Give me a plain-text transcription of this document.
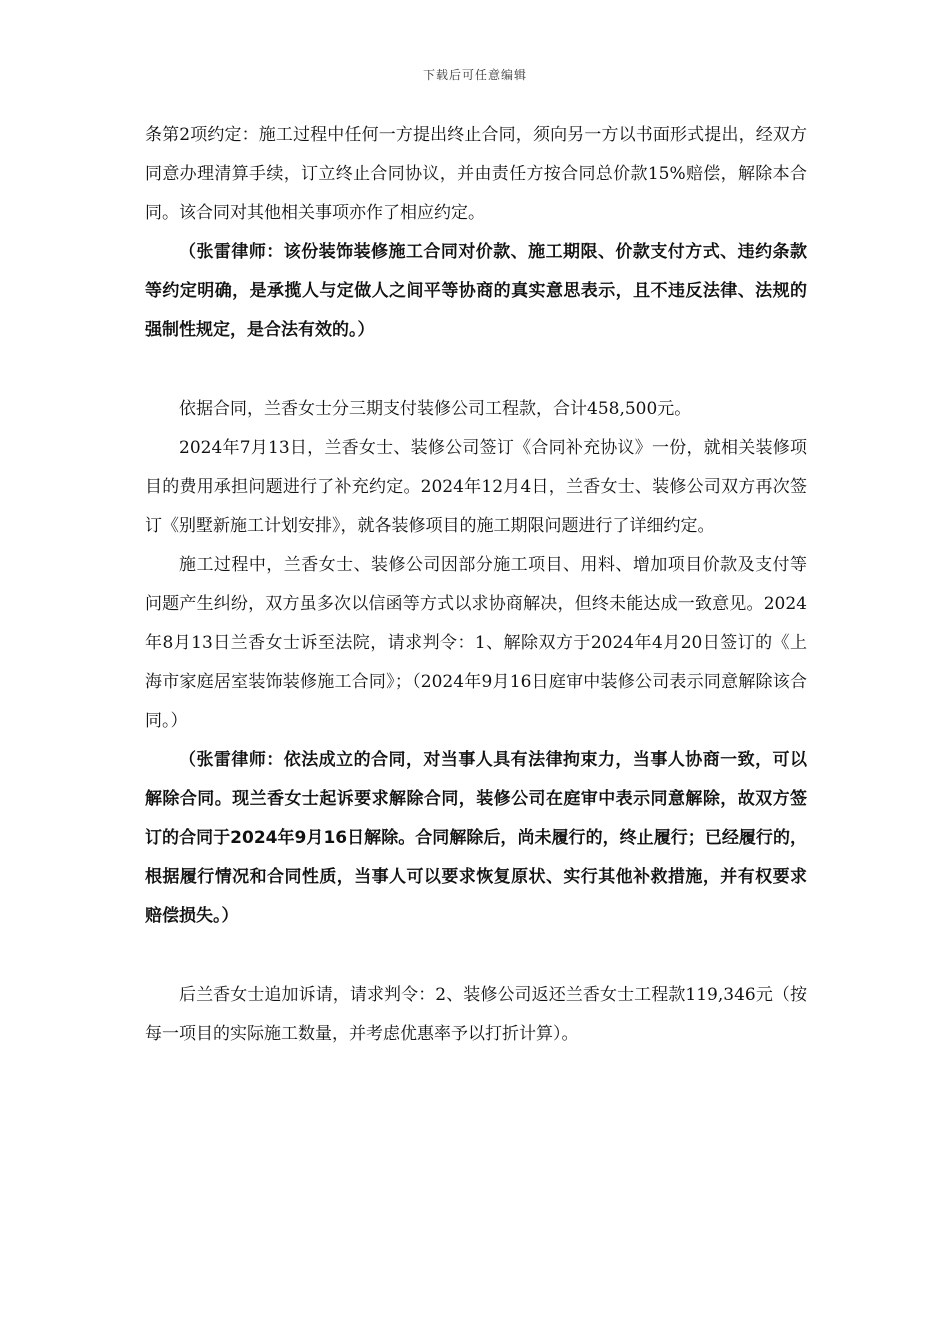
下载后可任意编辑

条第2项约定：施工过程中任何一方提出终止合同，须向另一方以书面形式提出，经双方同意办理清算手续，订立终止合同协议，并由责任方按合同总价款15%赔偿，解除本合同。该合同对其他相关事项亦作了相应约定。

（张雷律师：该份装饰装修施工合同对价款、施工期限、价款支付方式、违约条款等约定明确，是承揽人与定做人之间平等协商的真实意思表示，且不违反法律、法规的强制性规定，是合法有效的。）

依据合同，兰香女士分三期支付装修公司工程款，合计458,500元。

2024年7月13日，兰香女士、装修公司签订《合同补充协议》一份，就相关装修项目的费用承担问题进行了补充约定。2024年12月4日，兰香女士、装修公司双方再次签订《别墅新施工计划安排》，就各装修项目的施工期限问题进行了详细约定。

施工过程中，兰香女士、装修公司因部分施工项目、用料、增加项目价款及支付等问题产生纠纷，双方虽多次以信函等方式以求协商解决，但终未能达成一致意见。2024年8月13日兰香女士诉至法院，请求判令：1、解除双方于2024年4月20日签订的《上海市家庭居室装饰装修施工合同》；（2024年9月16日庭审中装修公司表示同意解除该合同。）

（张雷律师：依法成立的合同，对当事人具有法律拘束力，当事人协商一致，可以解除合同。现兰香女士起诉要求解除合同，装修公司在庭审中表示同意解除，故双方签订的合同于2024年9月16日解除。合同解除后，尚未履行的，终止履行；已经履行的，根据履行情况和合同性质，当事人可以要求恢复原状、实行其他补救措施，并有权要求赔偿损失。）

后兰香女士追加诉请，请求判令：2、装修公司返还兰香女士工程款119,346元（按每一项目的实际施工数量，并考虑优惠率予以打折计算）。
